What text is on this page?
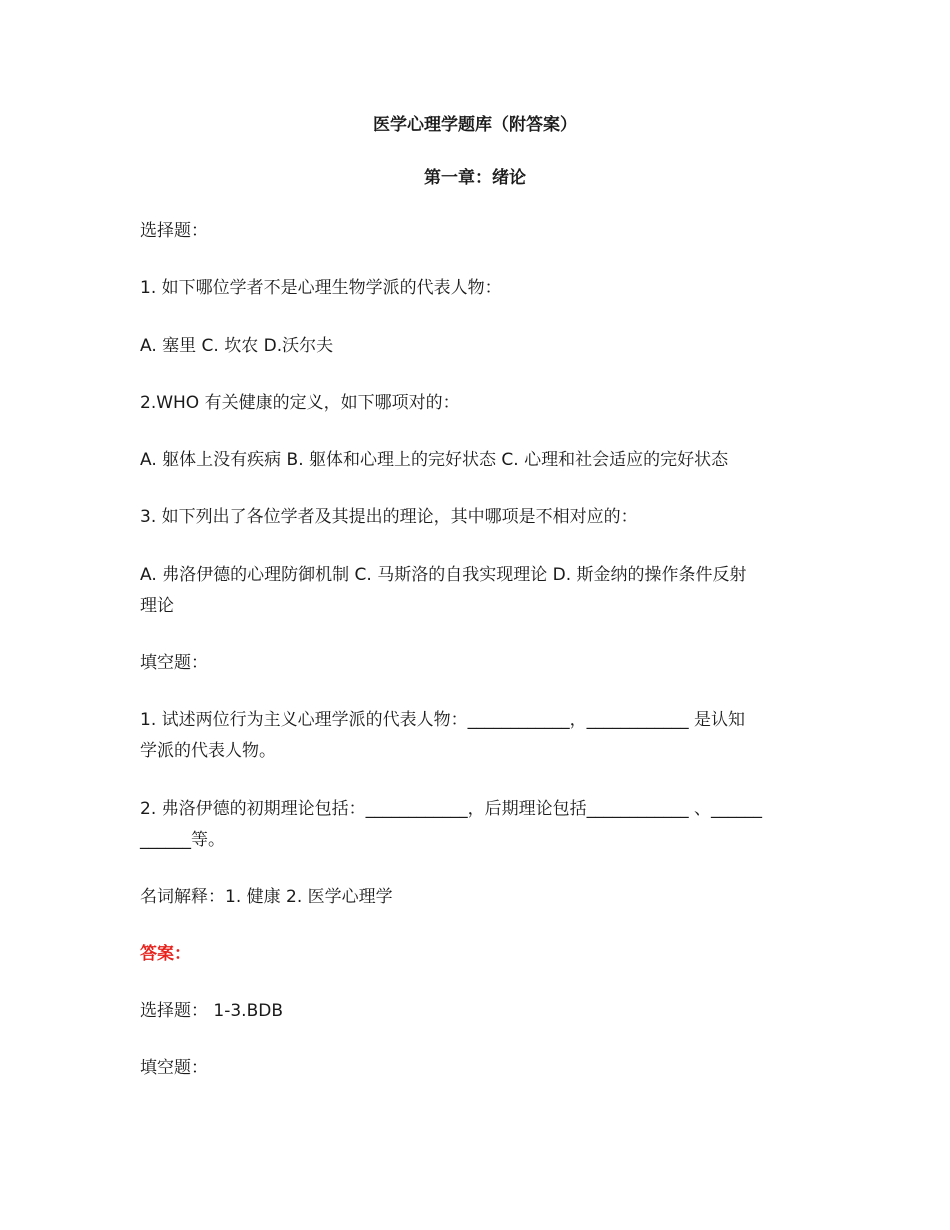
医学心理学题库（附答案）
第一章：绪论

选择题：

1. 如下哪位学者不是心理生物学派的代表人物：

A. 塞里 C. 坎农 D.沃尔夫

2.WHO 有关健康的定义，如下哪项对的：

A. 躯体上没有疾病 B. 躯体和心理上的完好状态 C. 心理和社会适应的完好状态

3. 如下列出了各位学者及其提出的理论，其中哪项是不相对应的：

A. 弗洛伊德的心理防御机制 C. 马斯洛的自我实现理论 D. 斯金纳的操作条件反射

理论

填空题：

1. 试述两位行为主义心理学派的代表人物：____________，____________ 是认知

学派的代表人物。

2. 弗洛伊德的初期理论包括：____________，后期理论包括____________ 、______

______等。

名词解释：1. 健康 2. 医学心理学

答案：

选择题： 1-3.BDB

填空题：
